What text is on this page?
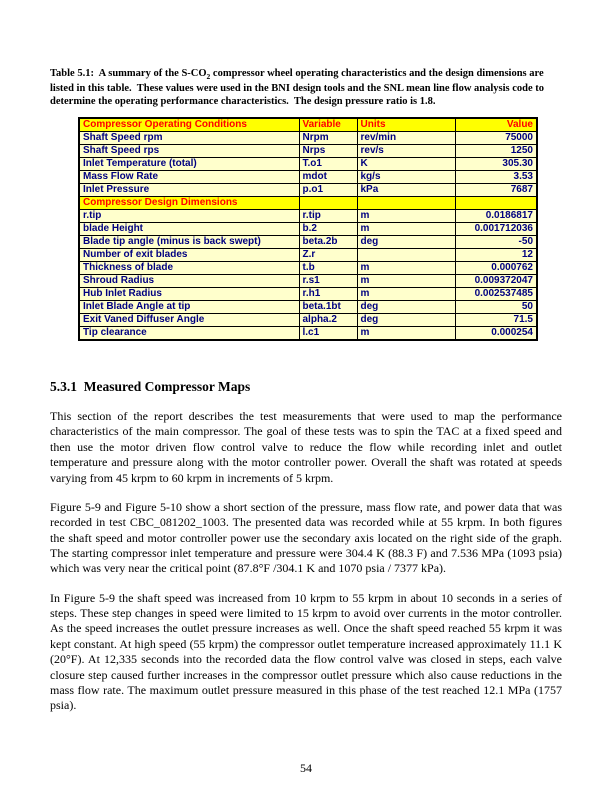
Table 5.1:  A summary of the $S-CO_2$ compressor wheel operating characteristics and the design dimensions are listed in this table.  These values were used in the BNI design tools and the SNL mean line flow analysis code to determine the operating performance characteristics.  The design pressure ratio is 1.8.
Compressor Operating Conditions	Variable	Units	Value
Shaft Speed rpm	Nrpm	rev/min	75000
Shaft Speed rps	Nrps	rev/s	1250
Inlet Temperature (total)	T.o1	K	305.30
Mass Flow Rate	mdot	kg/s	3.53
Inlet Pressure	p.o1	kPa	7687
Compressor Design Dimensions			
r.tip	r.tip	m	0.0186817
blade Height	b.2	m	0.001712036
Blade tip angle (minus is back swept)	beta.2b	deg	-50
Number of exit blades	Z.r		12
Thickness of blade	t.b	m	0.000762
Shroud Radius	r.s1	m	0.009372047
Hub Inlet Radius	r.h1	m	0.002537485
Inlet Blade Angle at tip	beta.1bt	deg	50
Exit Vaned Diffuser Angle	alpha.2	deg	71.5
Tip clearance	l.c1	m	0.000254
5.3.1  Measured Compressor Maps
This section of the report describes the test measurements that were used to map the performance characteristics of the main compressor. The goal of these tests was to spin the TAC at a fixed speed and then use the motor driven flow control valve to reduce the flow while recording inlet and outlet temperature and pressure along with the motor controller power. Overall the shaft was rotated at speeds varying from 45 krpm to 60 krpm in increments of 5 krpm.
Figure 5-9 and Figure 5-10 show a short section of the pressure, mass flow rate, and power data that was recorded in test CBC_081202_1003. The presented data was recorded while at 55 krpm. In both figures the shaft speed and motor controller power use the secondary axis located on the right side of the graph. The starting compressor inlet temperature and pressure were 304.4 K (88.3 F) and 7.536 MPa (1093 psia) which was very near the critical point (87.8°F /304.1 K and 1070 psia / 7377 kPa).
In Figure 5-9 the shaft speed was increased from 10 krpm to 55 krpm in about 10 seconds in a series of steps. These step changes in speed were limited to 15 krpm to avoid over currents in the motor controller. As the speed increases the outlet pressure increases as well. Once the shaft speed reached 55 krpm it was kept constant. At high speed (55 krpm) the compressor outlet temperature increased approximately 11.1 K (20°F). At 12,335 seconds into the recorded data the flow control valve was closed in steps, each valve closure step caused further increases in the compressor outlet pressure which also cause reductions in the mass flow rate. The maximum outlet pressure measured in this phase of the test reached 12.1 MPa (1757 psia).
54
